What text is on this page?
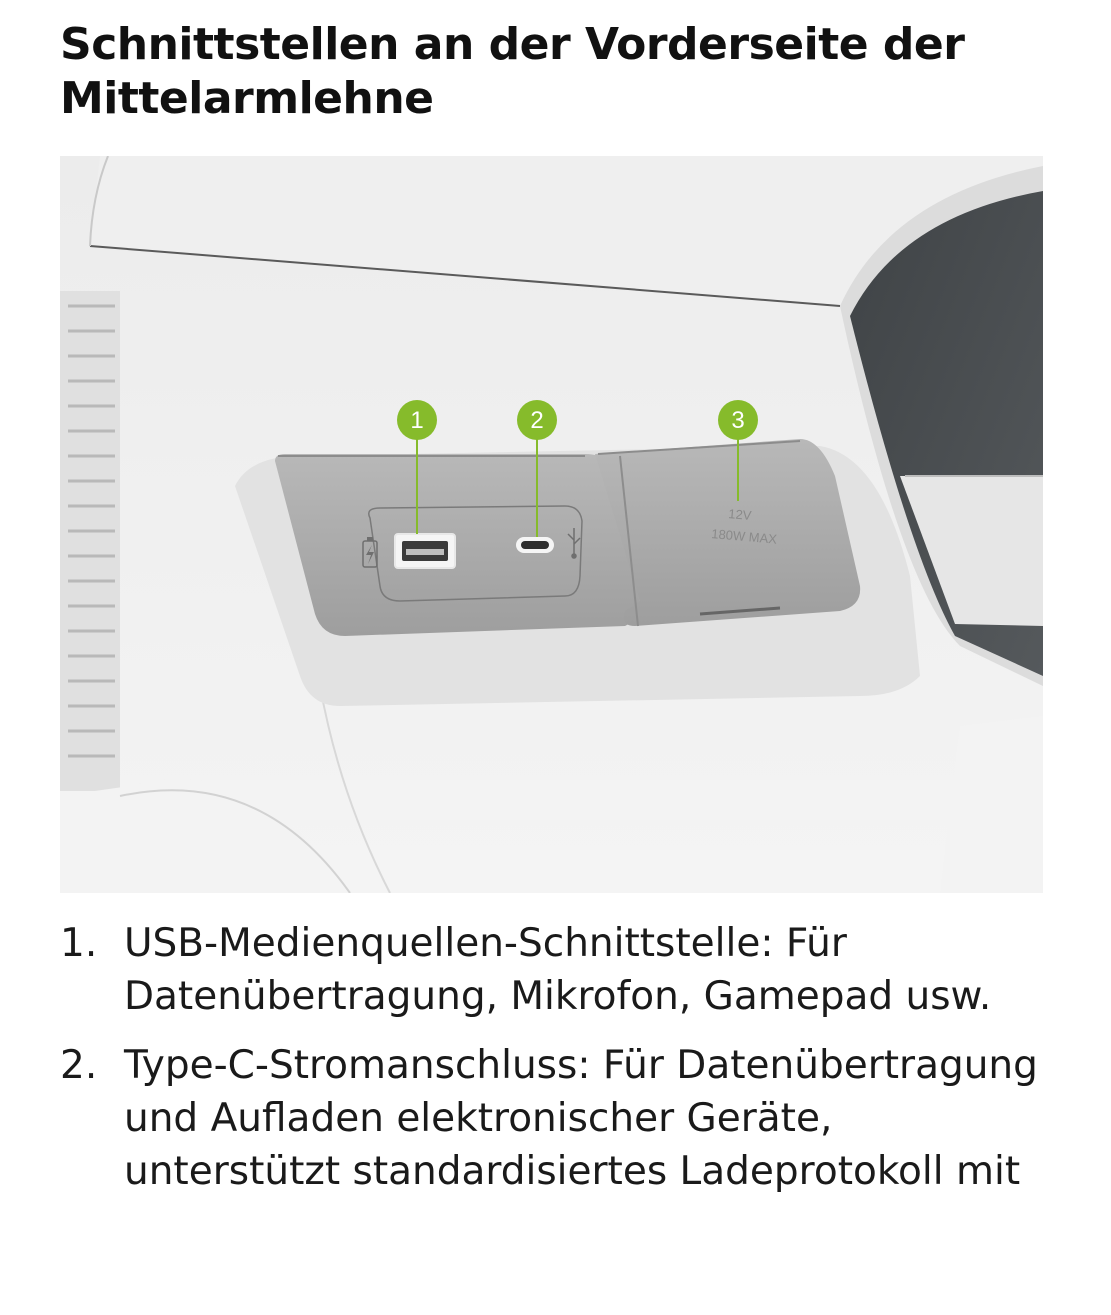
Schnittstellen an der Vorderseite der Mittelarmlehne
12V
180W MAX
1	2	3
1. USB-Medienquellen-Schnittstelle: Für Datenübertragung, Mikrofon, Gamepad usw.
2. Type-C-Stromanschluss: Für Datenübertragung und Aufladen elektronischer Geräte, unterstützt standardisiertes Ladeprotokoll mit
